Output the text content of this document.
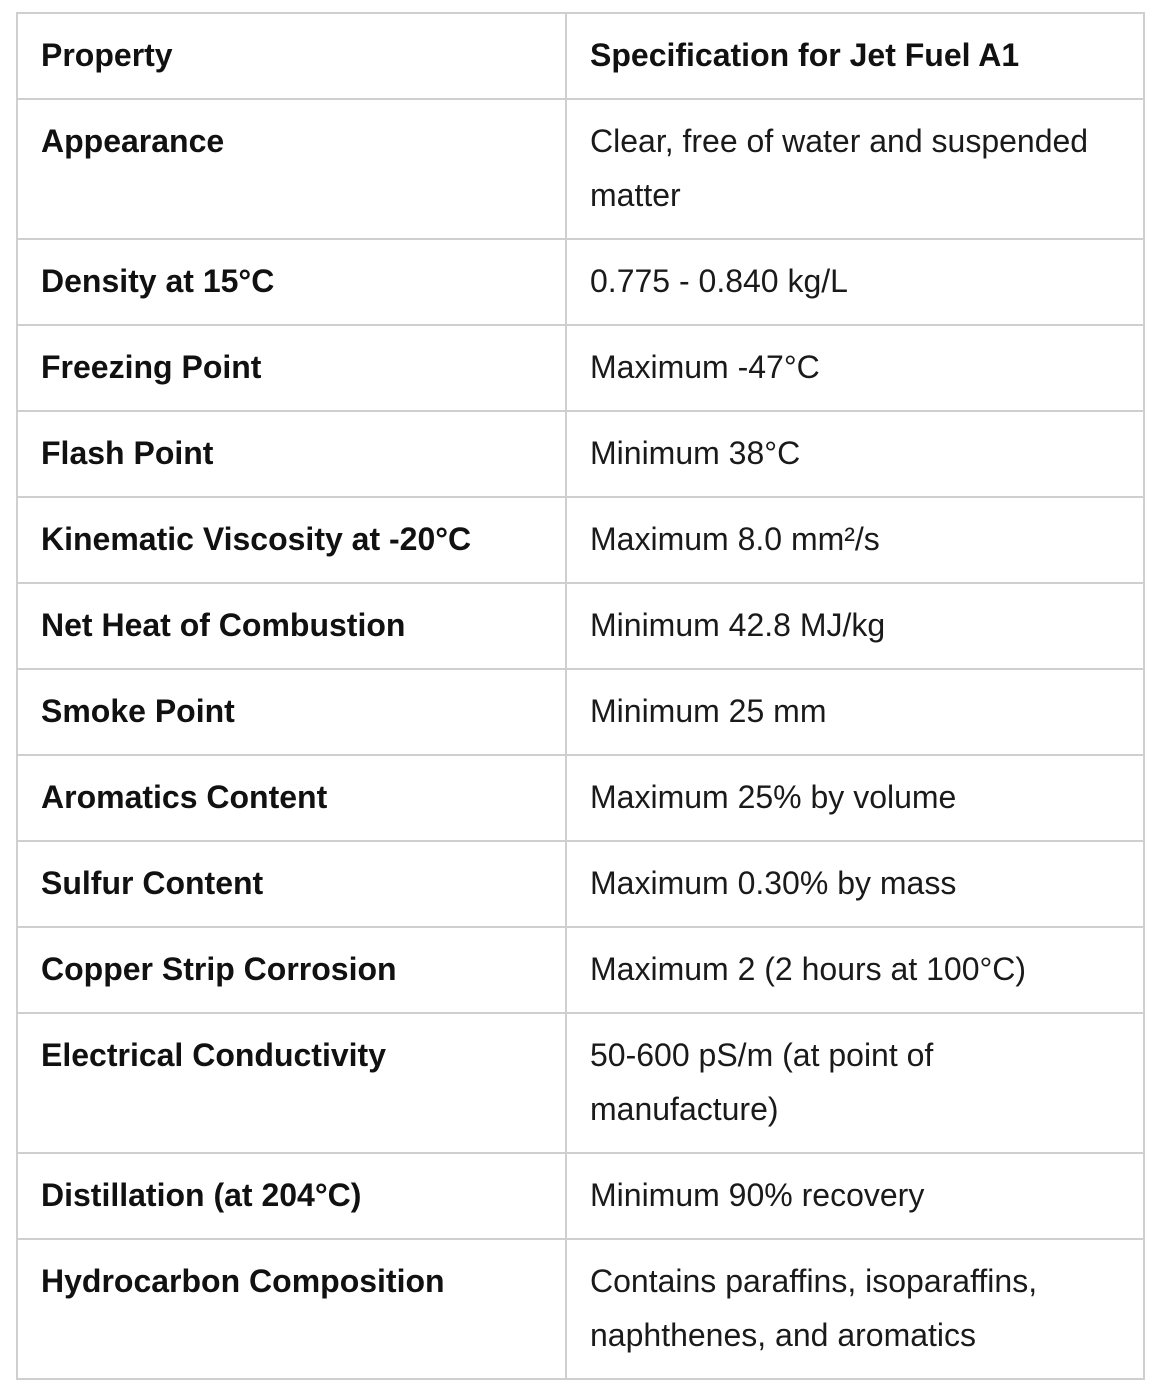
Property	Specification for Jet Fuel A1
Appearance	Clear, free of water and suspended matter
Density at 15°C	0.775 - 0.840 kg/L
Freezing Point	Maximum -47°C
Flash Point	Minimum 38°C
Kinematic Viscosity at -20°C	Maximum 8.0 mm²/s
Net Heat of Combustion	Minimum 42.8 MJ/kg
Smoke Point	Minimum 25 mm
Aromatics Content	Maximum 25% by volume
Sulfur Content	Maximum 0.30% by mass
Copper Strip Corrosion	Maximum 2 (2 hours at 100°C)
Electrical Conductivity	50-600 pS/m (at point of manufacture)
Distillation (at 204°C)	Minimum 90% recovery
Hydrocarbon Composition	Contains paraffins, isoparaffins, naphthenes, and aromatics
